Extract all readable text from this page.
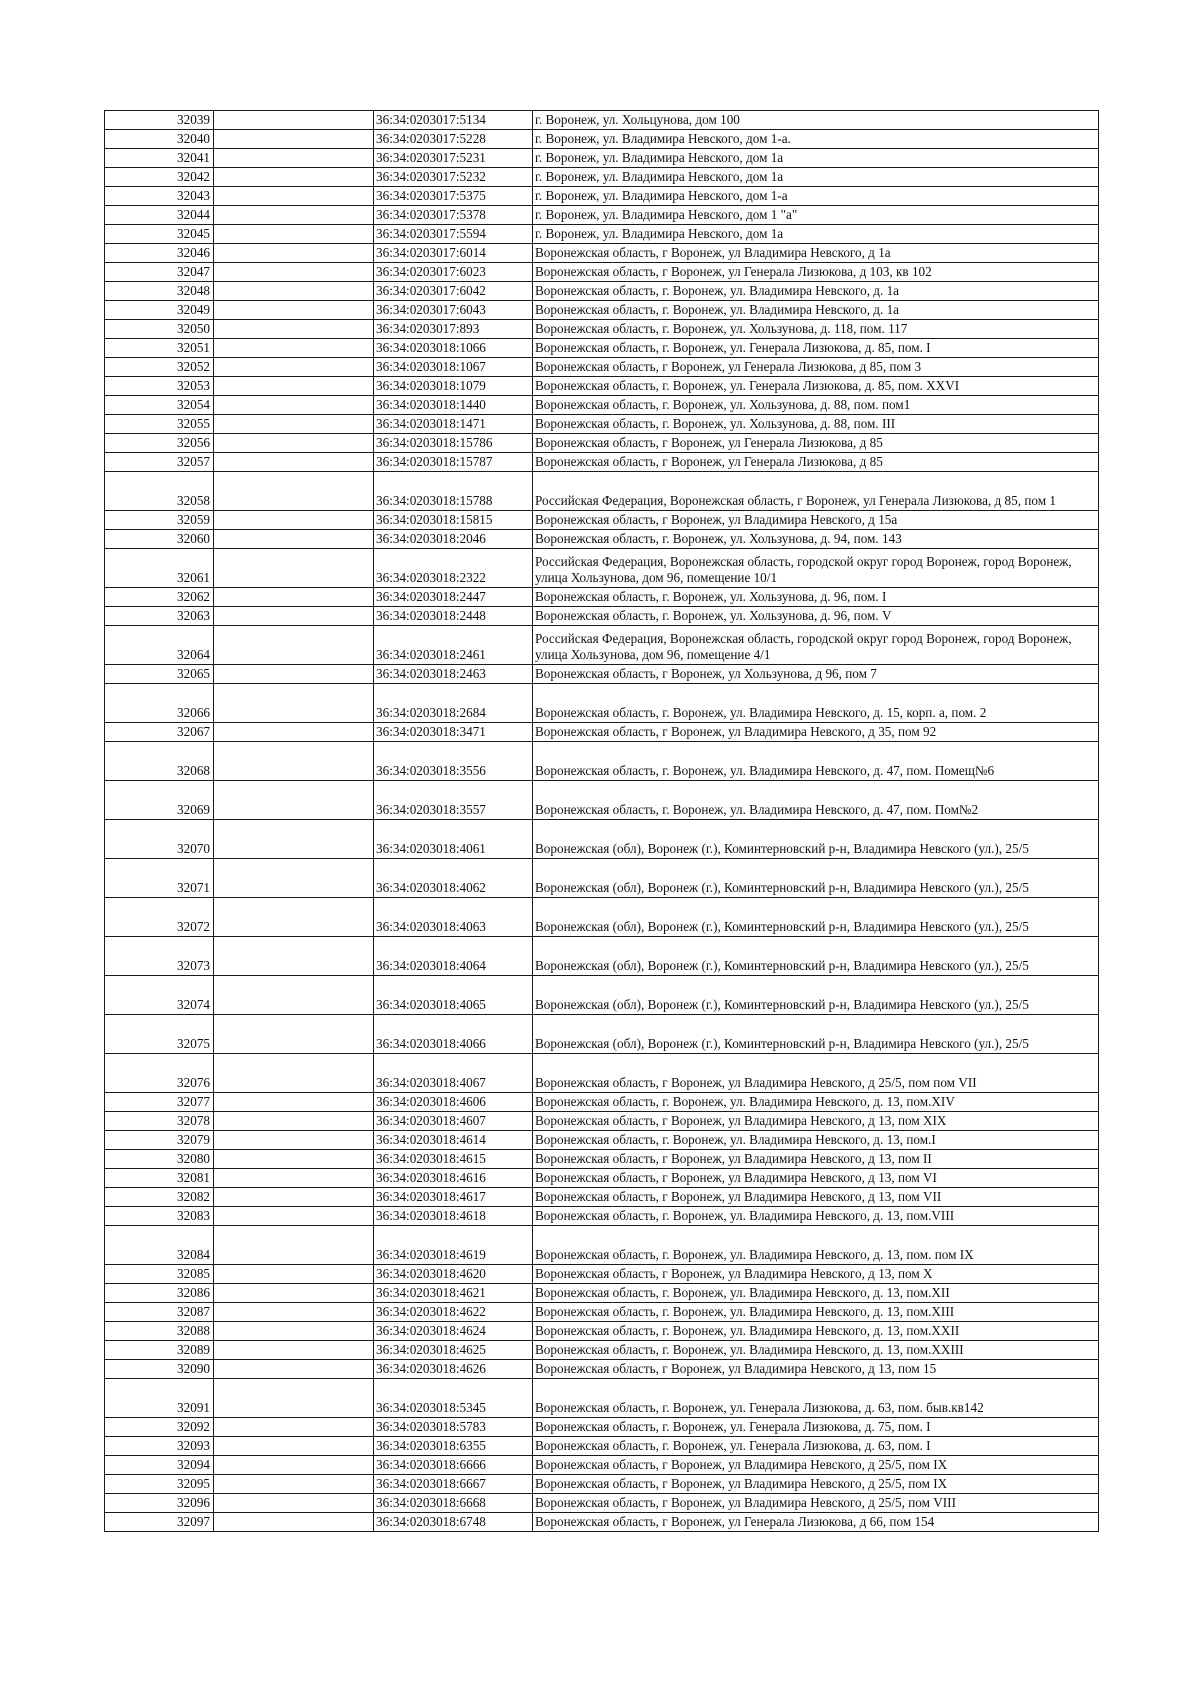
32039		36:34:0203017:5134	г. Воронеж, ул. Хольцунова, дом 100
32040		36:34:0203017:5228	г. Воронеж, ул. Владимира Невского, дом 1-а.
32041		36:34:0203017:5231	г. Воронеж, ул. Владимира Невского, дом 1а
32042		36:34:0203017:5232	г. Воронеж, ул. Владимира Невского, дом 1а
32043		36:34:0203017:5375	г. Воронеж, ул. Владимира Невского, дом 1-а
32044		36:34:0203017:5378	г. Воронеж, ул. Владимира Невского, дом 1 "а"
32045		36:34:0203017:5594	г. Воронеж, ул. Владимира Невского, дом 1а
32046		36:34:0203017:6014	Воронежская область, г Воронеж, ул Владимира Невского, д 1а
32047		36:34:0203017:6023	Воронежская область, г Воронеж, ул Генерала Лизюкова, д 103, кв 102
32048		36:34:0203017:6042	Воронежская область, г. Воронеж, ул. Владимира Невского, д. 1а
32049		36:34:0203017:6043	Воронежская область, г. Воронеж, ул. Владимира Невского, д. 1а
32050		36:34:0203017:893	Воронежская область, г. Воронеж, ул. Хользунова, д. 118, пом. 117
32051		36:34:0203018:1066	Воронежская область, г. Воронеж, ул. Генерала Лизюкова, д. 85, пом. I
32052		36:34:0203018:1067	Воронежская область, г Воронеж, ул Генерала Лизюкова, д 85, пом 3
32053		36:34:0203018:1079	Воронежская область, г. Воронеж, ул. Генерала Лизюкова, д. 85, пом. XXVI
32054		36:34:0203018:1440	Воронежская область, г. Воронеж, ул. Хользунова, д. 88, пом. пом1
32055		36:34:0203018:1471	Воронежская область, г. Воронеж, ул. Хользунова, д. 88, пом. III
32056		36:34:0203018:15786	Воронежская область, г Воронеж, ул Генерала Лизюкова, д 85
32057		36:34:0203018:15787	Воронежская область, г Воронеж, ул Генерала Лизюкова, д 85
32058		36:34:0203018:15788	Российская Федерация, Воронежская область, г Воронеж, ул Генерала Лизюкова, д 85, пом 1
32059		36:34:0203018:15815	Воронежская область, г Воронеж, ул Владимира Невского, д 15а
32060		36:34:0203018:2046	Воронежская область, г. Воронеж, ул. Хользунова, д. 94, пом. 143
32061		36:34:0203018:2322	Российская Федерация, Воронежская область, городской округ город Воронеж, город Воронеж, улица Хользунова, дом 96, помещение 10/1
32062		36:34:0203018:2447	Воронежская область, г. Воронеж, ул. Хользунова, д. 96, пом. I
32063		36:34:0203018:2448	Воронежская область, г. Воронеж, ул. Хользунова, д. 96, пом. V
32064		36:34:0203018:2461	Российская Федерация, Воронежская область, городской округ город Воронеж, город Воронеж, улица Хользунова, дом 96, помещение 4/1
32065		36:34:0203018:2463	Воронежская область, г Воронеж, ул Хользунова, д 96, пом 7
32066		36:34:0203018:2684	Воронежская область, г. Воронеж, ул. Владимира Невского, д. 15, корп. а, пом. 2
32067		36:34:0203018:3471	Воронежская область, г Воронеж, ул Владимира Невского, д 35, пом 92
32068		36:34:0203018:3556	Воронежская область, г. Воронеж, ул. Владимира Невского, д. 47, пом. Помещ№6
32069		36:34:0203018:3557	Воронежская область, г. Воронеж, ул. Владимира Невского, д. 47, пом. Пом№2
32070		36:34:0203018:4061	Воронежская (обл), Воронеж (г.), Коминтерновский р-н, Владимира Невского (ул.), 25/5
32071		36:34:0203018:4062	Воронежская (обл), Воронеж (г.), Коминтерновский р-н, Владимира Невского (ул.), 25/5
32072		36:34:0203018:4063	Воронежская (обл), Воронеж (г.), Коминтерновский р-н, Владимира Невского (ул.), 25/5
32073		36:34:0203018:4064	Воронежская (обл), Воронеж (г.), Коминтерновский р-н, Владимира Невского (ул.), 25/5
32074		36:34:0203018:4065	Воронежская (обл), Воронеж (г.), Коминтерновский р-н, Владимира Невского (ул.), 25/5
32075		36:34:0203018:4066	Воронежская (обл), Воронеж (г.), Коминтерновский р-н, Владимира Невского (ул.), 25/5
32076		36:34:0203018:4067	Воронежская область, г Воронеж, ул Владимира Невского, д 25/5, пом пом VII
32077		36:34:0203018:4606	Воронежская область, г. Воронеж, ул. Владимира Невского, д. 13, пом.XIV
32078		36:34:0203018:4607	Воронежская область, г Воронеж, ул Владимира Невского, д 13, пом XIX
32079		36:34:0203018:4614	Воронежская область, г. Воронеж, ул. Владимира Невского, д. 13, пом.I
32080		36:34:0203018:4615	Воронежская область, г Воронеж, ул Владимира Невского, д 13, пом II
32081		36:34:0203018:4616	Воронежская область, г Воронеж, ул Владимира Невского, д 13, пом VI
32082		36:34:0203018:4617	Воронежская область, г Воронеж, ул Владимира Невского, д 13, пом VII
32083		36:34:0203018:4618	Воронежская область, г. Воронеж, ул. Владимира Невского, д. 13, пом.VIII
32084		36:34:0203018:4619	Воронежская область, г. Воронеж, ул. Владимира Невского, д. 13, пом. пом IX
32085		36:34:0203018:4620	Воронежская область, г Воронеж, ул Владимира Невского, д 13, пом X
32086		36:34:0203018:4621	Воронежская область, г. Воронеж, ул. Владимира Невского, д. 13, пом.XII
32087		36:34:0203018:4622	Воронежская область, г. Воронеж, ул. Владимира Невского, д. 13, пом.XIII
32088		36:34:0203018:4624	Воронежская область, г. Воронеж, ул. Владимира Невского, д. 13, пом.XXII
32089		36:34:0203018:4625	Воронежская область, г. Воронеж, ул. Владимира Невского, д. 13, пом.XXIII
32090		36:34:0203018:4626	Воронежская область, г Воронеж, ул Владимира Невского, д 13, пом 15
32091		36:34:0203018:5345	Воронежская область, г. Воронеж, ул. Генерала Лизюкова, д. 63, пом. быв.кв142
32092		36:34:0203018:5783	Воронежская область, г. Воронеж, ул. Генерала Лизюкова, д. 75, пом. I
32093		36:34:0203018:6355	Воронежская область, г. Воронеж, ул. Генерала Лизюкова, д. 63, пом. I
32094		36:34:0203018:6666	Воронежская область, г Воронеж, ул Владимира Невского, д 25/5, пом IX
32095		36:34:0203018:6667	Воронежская область, г Воронеж, ул Владимира Невского, д 25/5, пом IX
32096		36:34:0203018:6668	Воронежская область, г Воронеж, ул Владимира Невского, д 25/5, пом VIII
32097		36:34:0203018:6748	Воронежская область, г Воронеж, ул Генерала Лизюкова, д 66, пом 154
